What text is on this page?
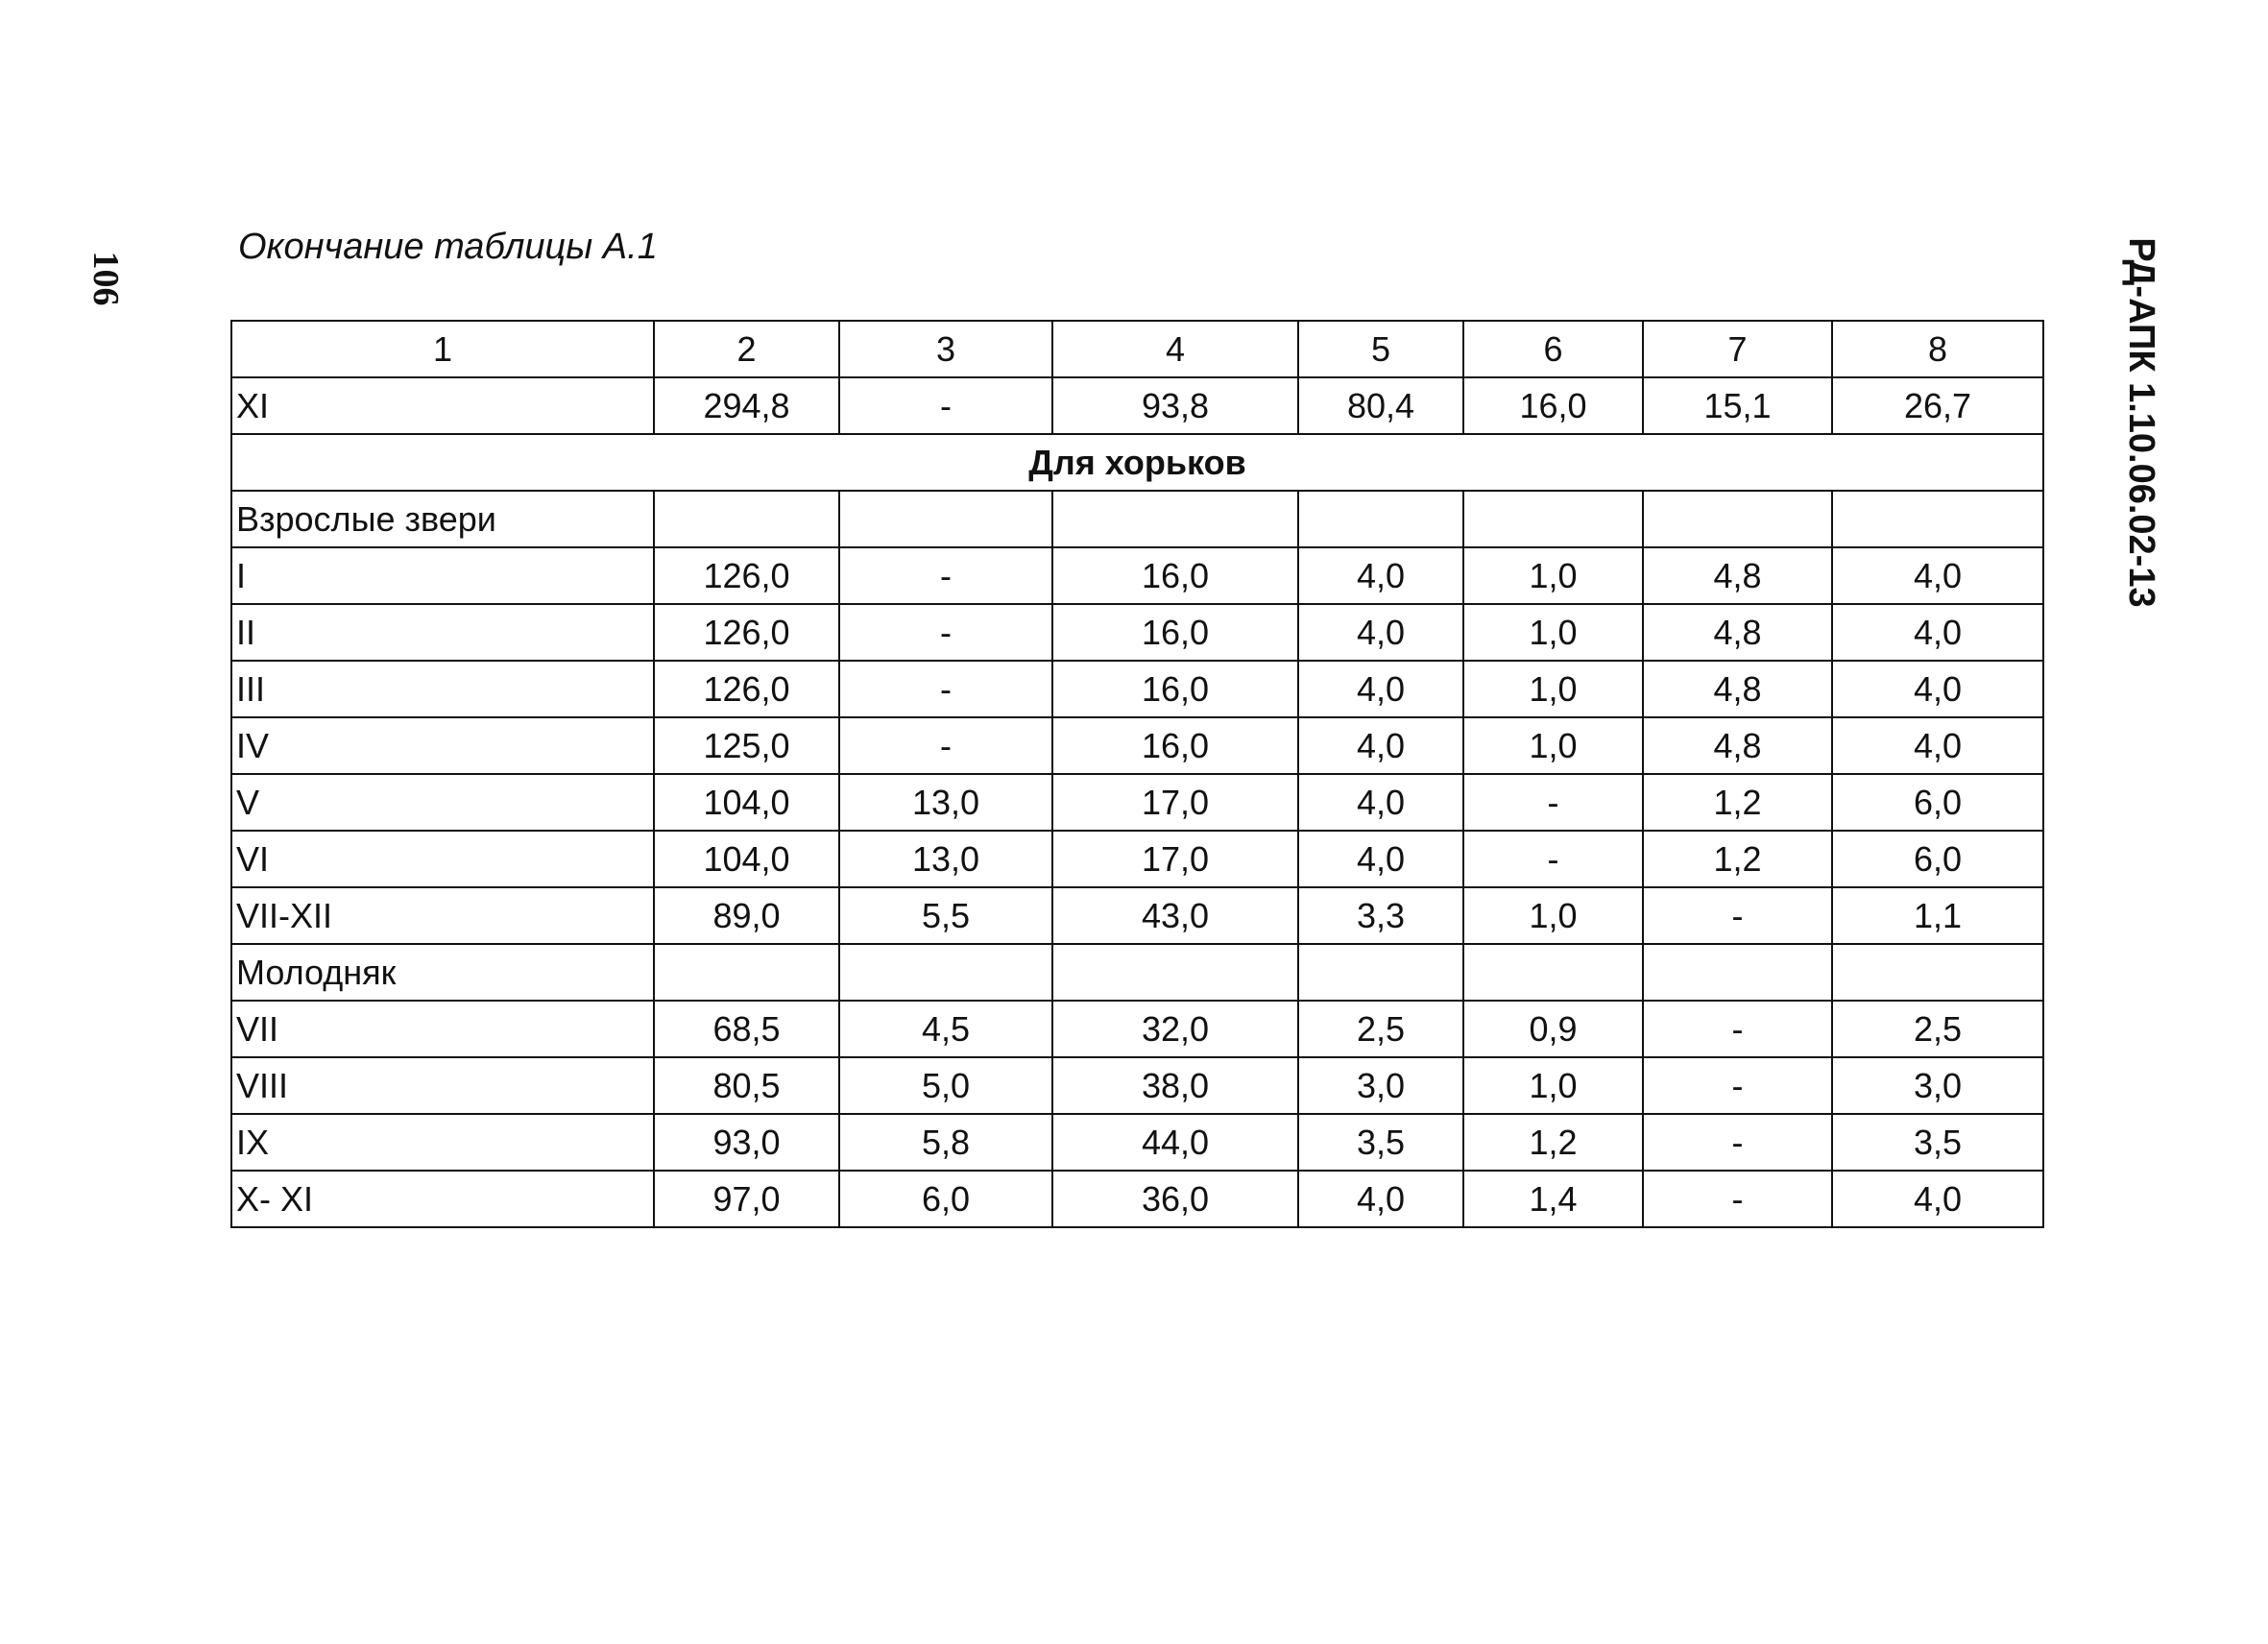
106	РД-АПК 1.10.06.02-13
Окончание таблицы А.1
1	2	3	4	5	6	7	8
XI	294,8	-	93,8	80,4	16,0	15,1	26,7
Для хорьков							
Взрослые звери							
I	126,0	-	16,0	4,0	1,0	4,8	4,0
II	126,0	-	16,0	4,0	1,0	4,8	4,0
III	126,0	-	16,0	4,0	1,0	4,8	4,0
IV	125,0	-	16,0	4,0	1,0	4,8	4,0
V	104,0	13,0	17,0	4,0	-	1,2	6,0
VI	104,0	13,0	17,0	4,0	-	1,2	6,0
VII-XII	89,0	5,5	43,0	3,3	1,0	-	1,1
Молодняк							
VII	68,5	4,5	32,0	2,5	0,9	-	2,5
VIII	80,5	5,0	38,0	3,0	1,0	-	3,0
IX	93,0	5,8	44,0	3,5	1,2	-	3,5
X- XI	97,0	6,0	36,0	4,0	1,4	-	4,0
